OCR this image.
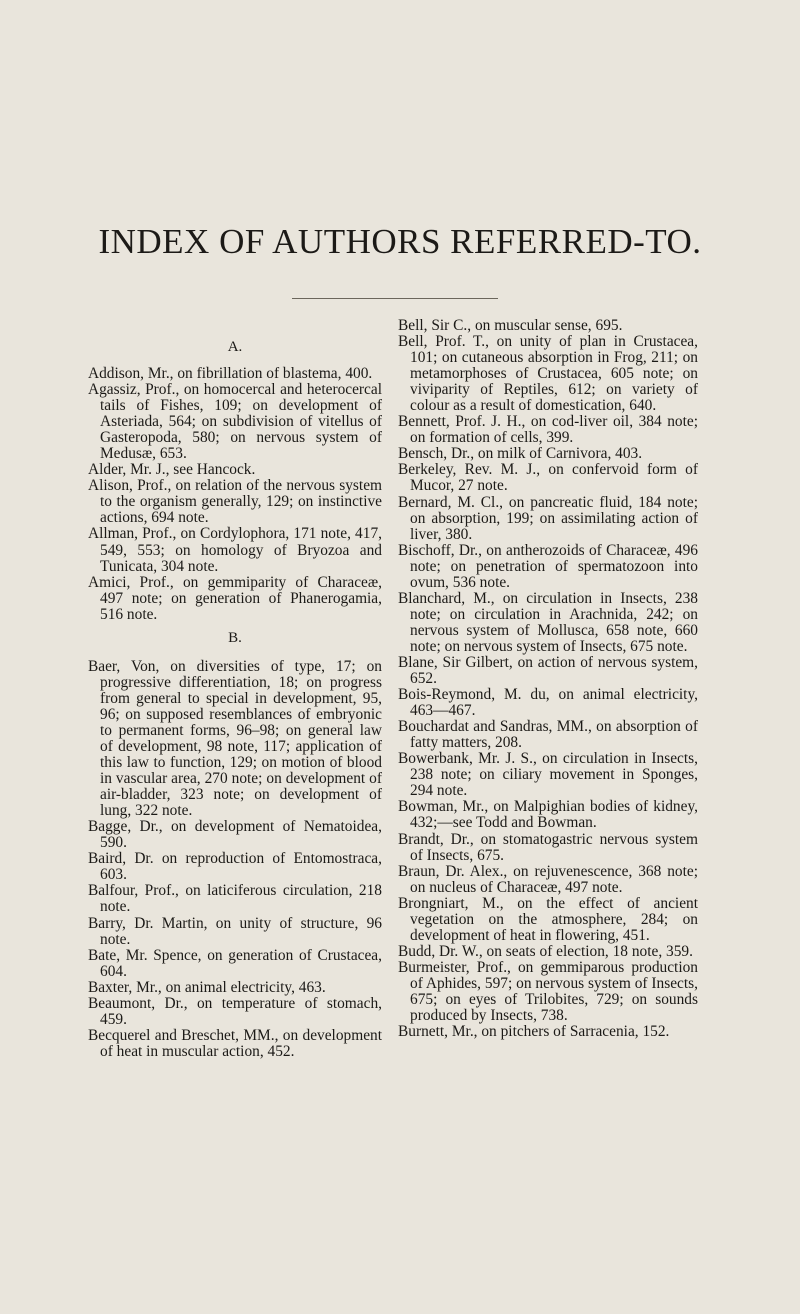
INDEX OF AUTHORS REFERRED-TO.
A.

Addison, Mr., on fibrillation of blastema, 400.

Agassiz, Prof., on homocercal and heterocercal tails of Fishes, 109; on development of Asteriada, 564; on subdivision of vitellus of Gasteropoda, 580; on nervous system of Medusæ, 653.

Alder, Mr. J., see Hancock.

Alison, Prof., on relation of the nervous system to the organism generally, 129; on instinctive actions, 694 note.

Allman, Prof., on Cordylophora, 171 note, 417, 549, 553; on homology of Bryozoa and Tunicata, 304 note.

Amici, Prof., on gemmiparity of Characeæ, 497 note; on generation of Phanerogamia, 516 note.

B.

Baer, Von, on diversities of type, 17; on progressive differentiation, 18; on progress from general to special in development, 95, 96; on supposed resemblances of embryonic to permanent forms, 96–98; on general law of development, 98 note, 117; application of this law to function, 129; on motion of blood in vascular area, 270 note; on development of air-bladder, 323 note; on development of lung, 322 note.

Bagge, Dr., on development of Nematoidea, 590.

Baird, Dr. on reproduction of Entomostraca, 603.

Balfour, Prof., on laticiferous circulation, 218 note.

Barry, Dr. Martin, on unity of structure, 96 note.

Bate, Mr. Spence, on generation of Crustacea, 604.

Baxter, Mr., on animal electricity, 463.

Beaumont, Dr., on temperature of stomach, 459.

Becquerel and Breschet, MM., on development of heat in muscular action, 452.

Bell, Sir C., on muscular sense, 695.

Bell, Prof. T., on unity of plan in Crustacea, 101; on cutaneous absorption in Frog, 211; on metamorphoses of Crustacea, 605 note; on viviparity of Reptiles, 612; on variety of colour as a result of domestication, 640.

Bennett, Prof. J. H., on cod-liver oil, 384 note; on formation of cells, 399.

Bensch, Dr., on milk of Carnivora, 403.

Berkeley, Rev. M. J., on confervoid form of Mucor, 27 note.

Bernard, M. Cl., on pancreatic fluid, 184 note; on absorption, 199; on assimilating action of liver, 380.

Bischoff, Dr., on antherozoids of Characeæ, 496 note; on penetration of spermatozoon into ovum, 536 note.

Blanchard, M., on circulation in Insects, 238 note; on circulation in Arachnida, 242; on nervous system of Mollusca, 658 note, 660 note; on nervous system of Insects, 675 note.

Blane, Sir Gilbert, on action of nervous system, 652.

Bois-Reymond, M. du, on animal electricity, 463—467.

Bouchardat and Sandras, MM., on absorption of fatty matters, 208.

Bowerbank, Mr. J. S., on circulation in Insects, 238 note; on ciliary movement in Sponges, 294 note.

Bowman, Mr., on Malpighian bodies of kidney, 432;—see Todd and Bowman.

Brandt, Dr., on stomatogastric nervous system of Insects, 675.

Braun, Dr. Alex., on rejuvenescence, 368 note; on nucleus of Characeæ, 497 note.

Brongniart, M., on the effect of ancient vegetation on the atmosphere, 284; on development of heat in flowering, 451.

Budd, Dr. W., on seats of election, 18 note, 359.

Burmeister, Prof., on gemmiparous production of Aphides, 597; on nervous system of Insects, 675; on eyes of Trilobites, 729; on sounds produced by Insects, 738.

Burnett, Mr., on pitchers of Sarracenia, 152.
